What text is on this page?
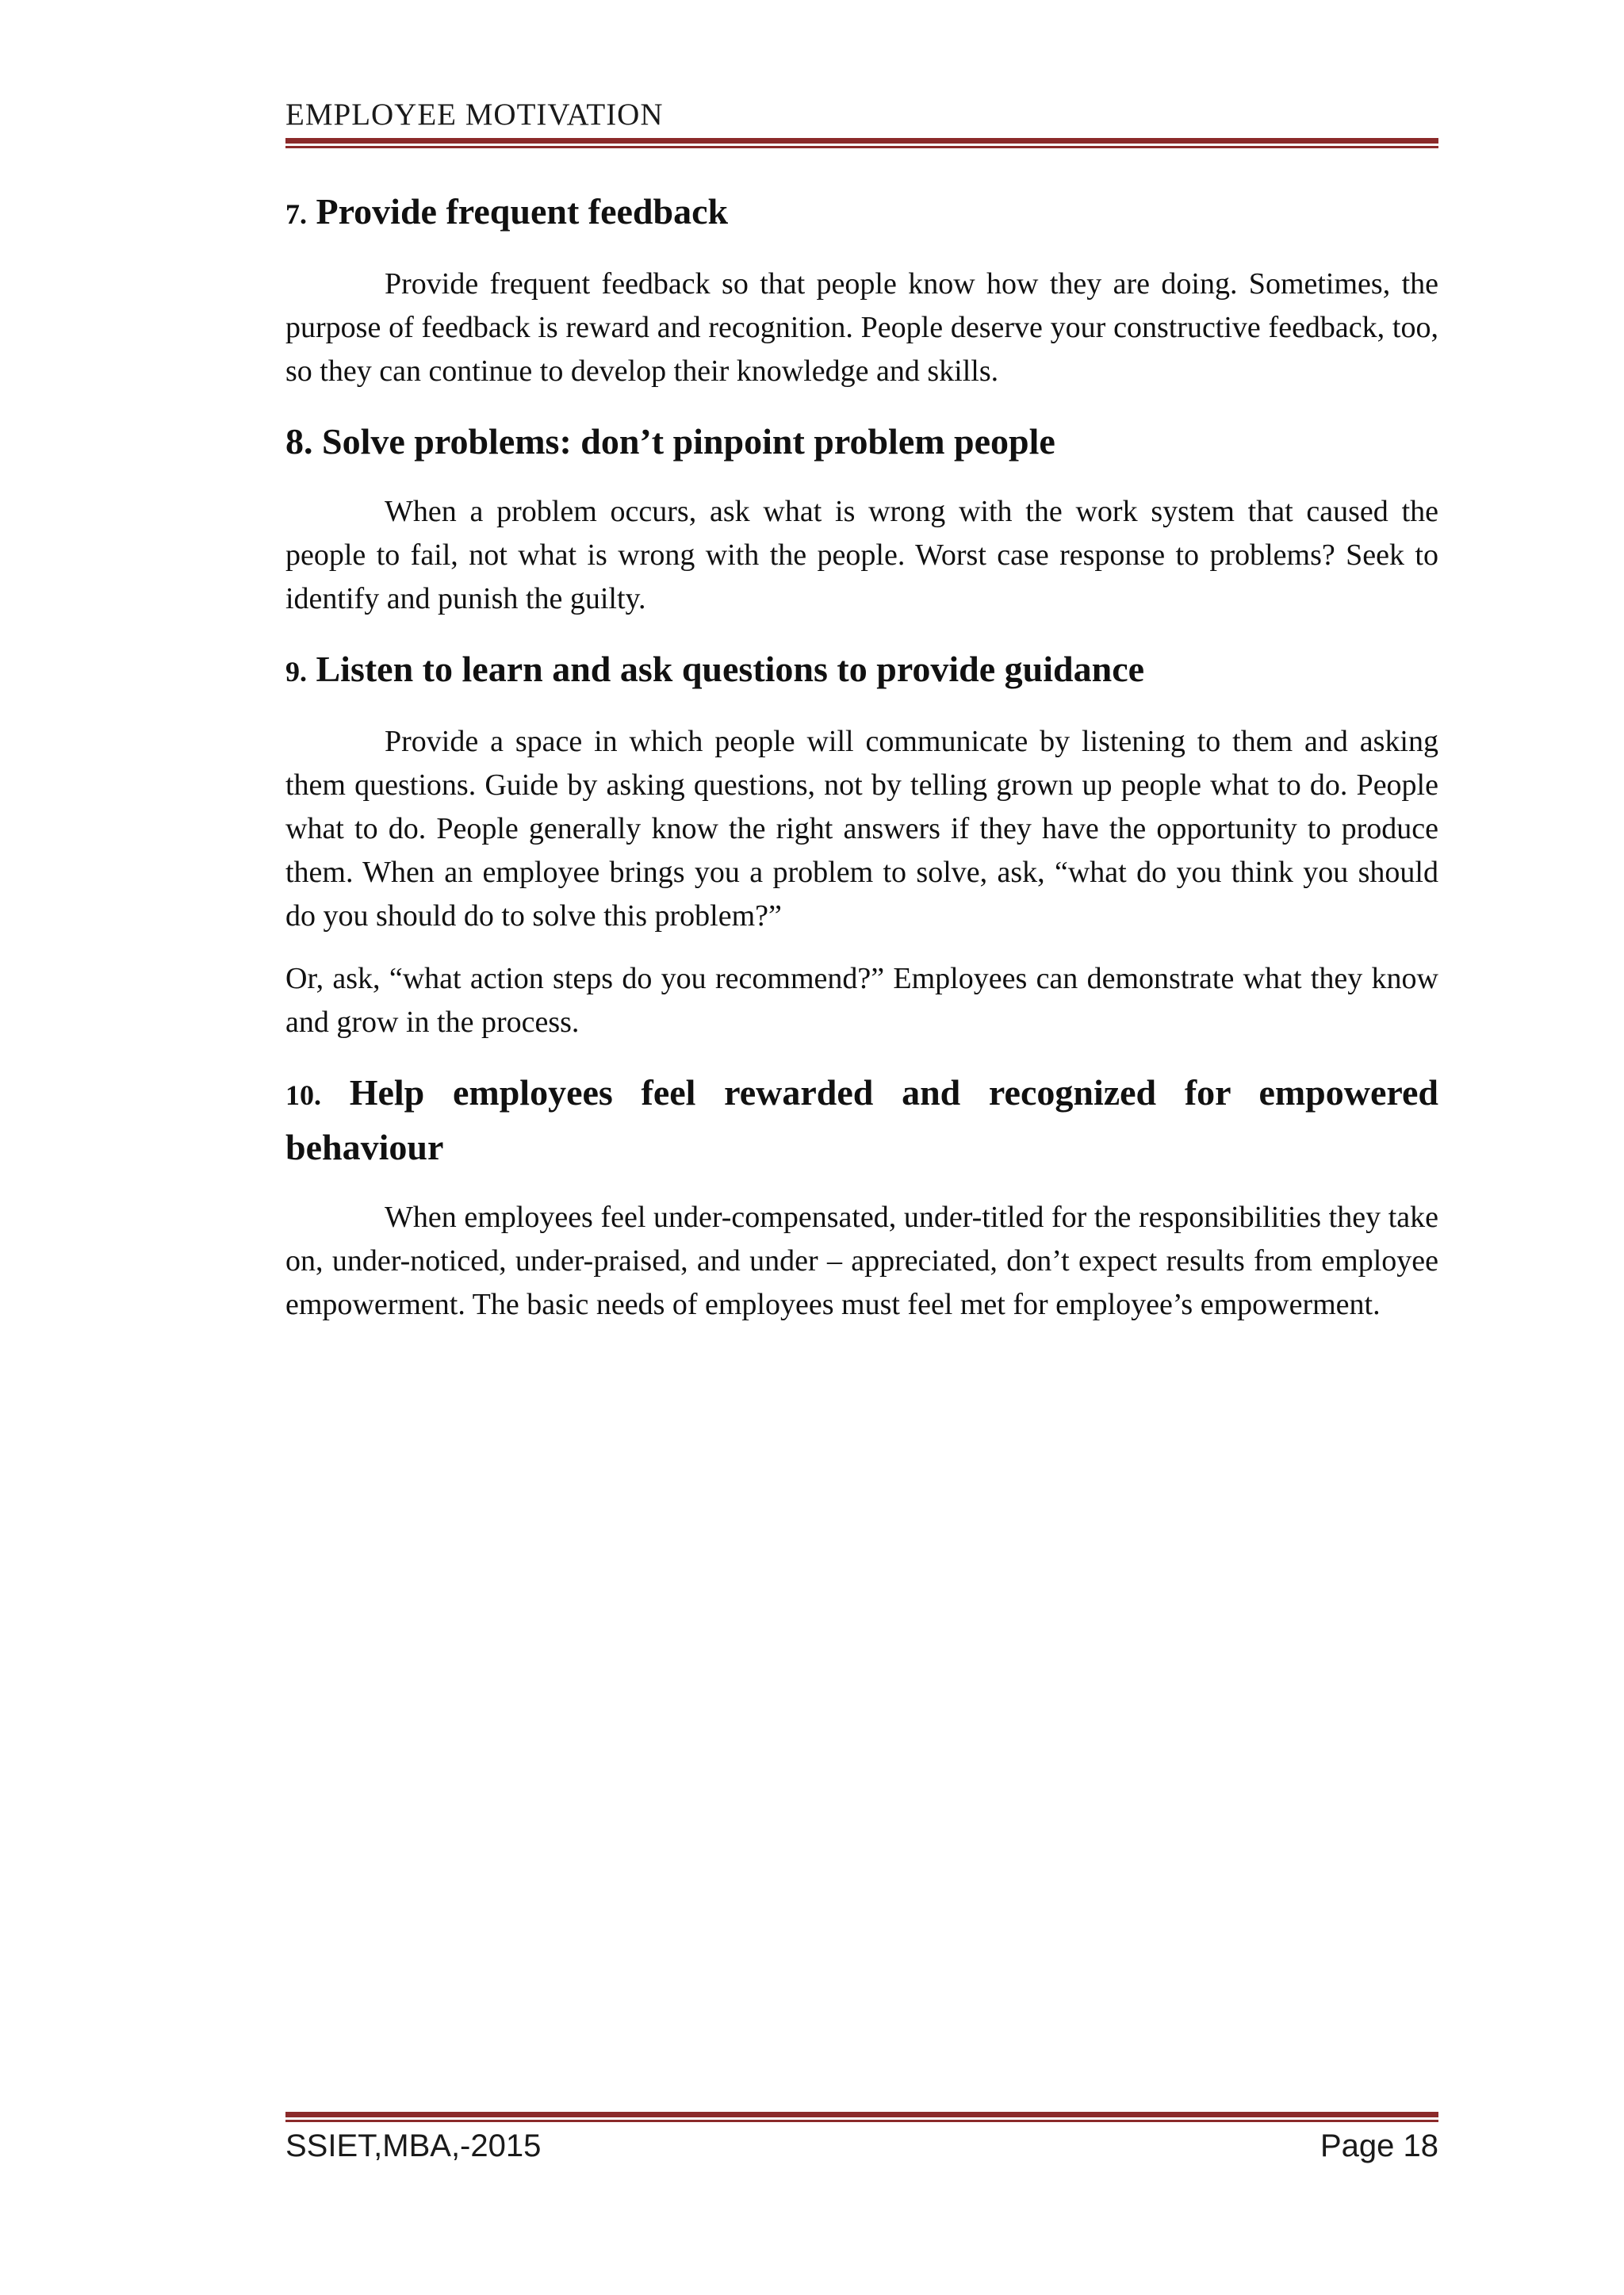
EMPLOYEE MOTIVATION
7. Provide frequent feedback

Provide frequent feedback so that people know how they are doing. Sometimes, the purpose of feedback is reward and recognition. People deserve your constructive feedback, too, so they can continue to develop their knowledge and skills.

8. Solve problems: don’t pinpoint problem people

When a problem occurs, ask what is wrong with the work system that caused the people to fail, not what is wrong with the people. Worst case response to problems? Seek to identify and punish the guilty.

9. Listen to learn and ask questions to provide guidance

Provide a space in which people will communicate by listening to them and asking them questions. Guide by asking questions, not by telling grown up people what to do. People what to do. People generally know the right answers if they have the opportunity to produce them. When an employee brings you a problem to solve, ask, “what do you think you should do you should do to solve this problem?”

Or, ask, “what action steps do you recommend?” Employees can demonstrate what they know and grow in the process.

10. Help employees feel rewarded and recognized for empowered behaviour

When employees feel under-compensated, under-titled for the responsibilities they take on, under-noticed, under-praised, and under – appreciated, don’t expect results from employee empowerment. The basic needs of employees must feel met for employee’s empowerment.

SSIET,MBA,-2015	Page 18
